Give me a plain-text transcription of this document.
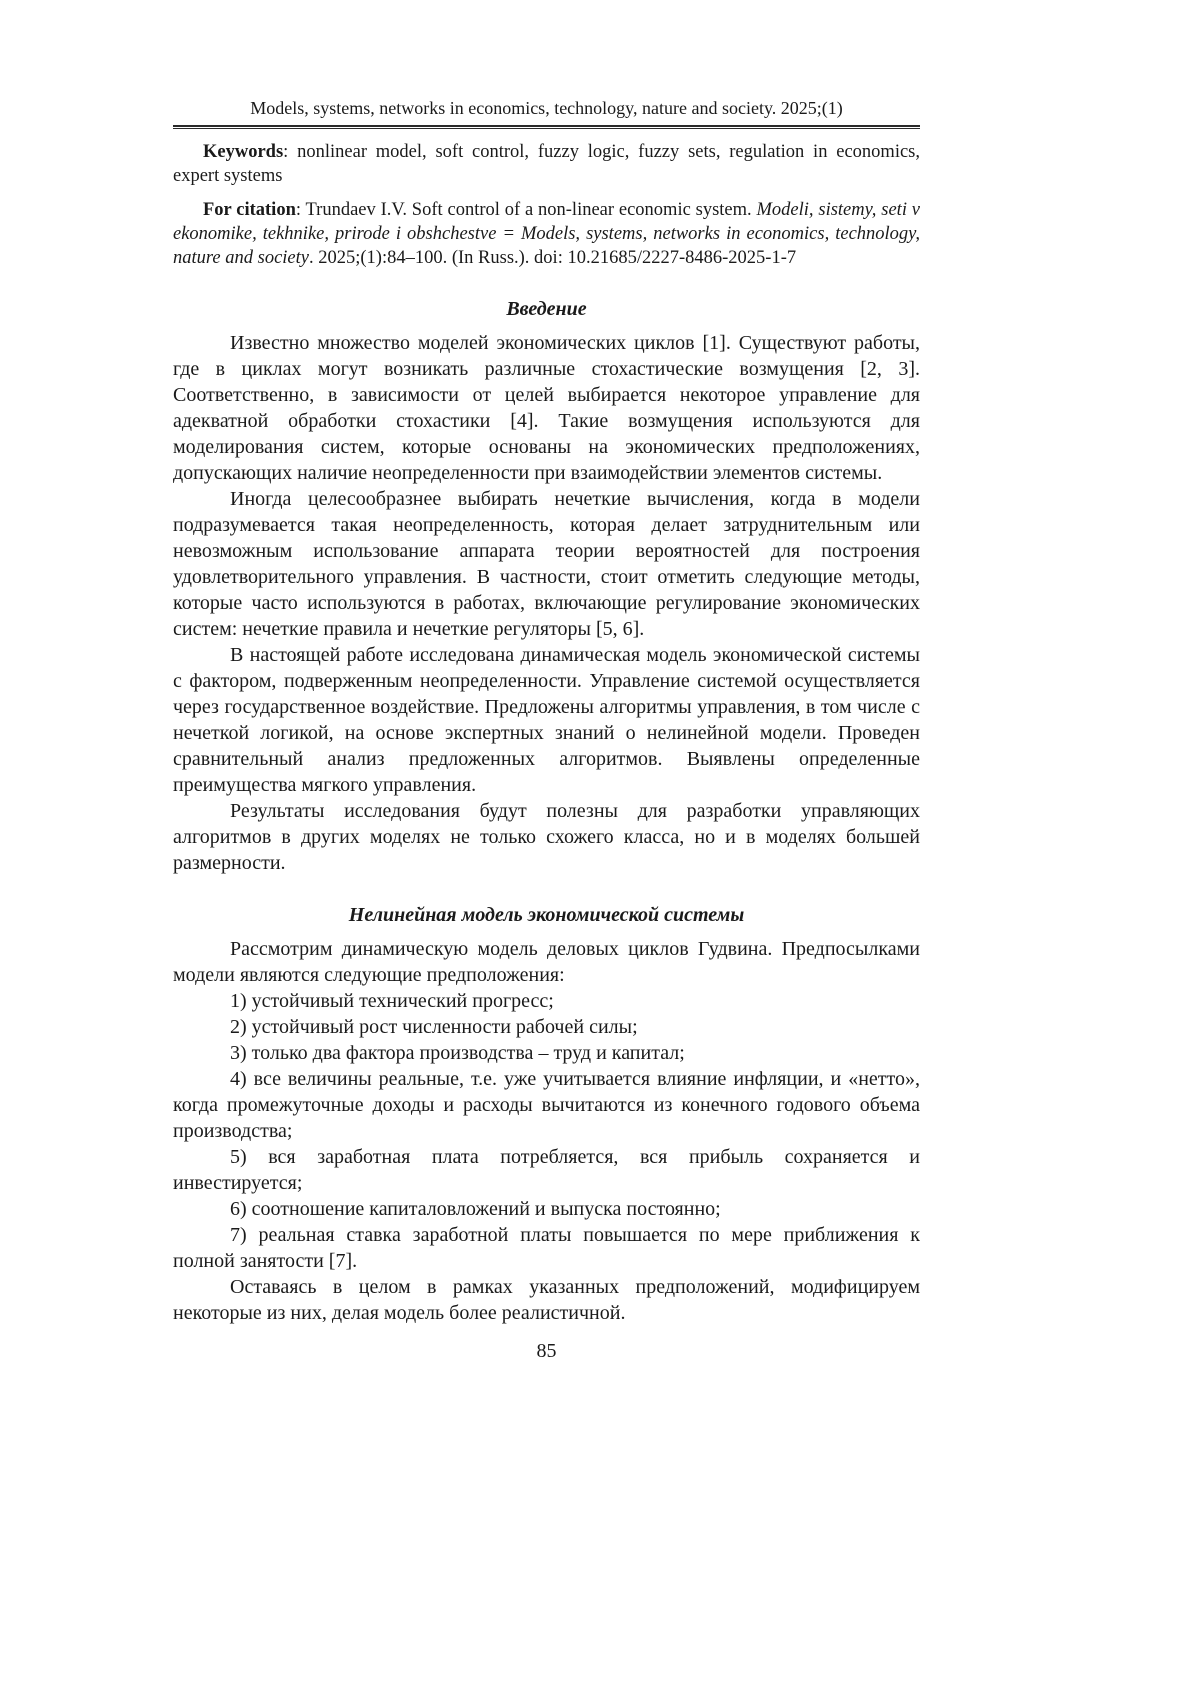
Models, systems, networks in economics, technology, nature and society. 2025;(1)

Keywords: nonlinear model, soft control, fuzzy logic, fuzzy sets, regulation in economics, expert systems

For citation: Trundaev I.V. Soft control of a non-linear economic system. Modeli, sistemy, seti v ekonomike, tekhnike, prirode i obshchestve = Models, systems, networks in economics, technology, nature and society. 2025;(1):84–100. (In Russ.). doi: 10.21685/2227-8486-2025-1-7

Введение

Известно множество моделей экономических циклов [1]. Существуют работы, где в циклах могут возникать различные стохастические возмущения [2, 3]. Соответственно, в зависимости от целей выбирается некоторое управление для адекватной обработки стохастики [4]. Такие возмущения используются для моделирования систем, которые основаны на экономических предположениях, допускающих наличие неопределенности при взаимодействии элементов системы.

Иногда целесообразнее выбирать нечеткие вычисления, когда в модели подразумевается такая неопределенность, которая делает затруднительным или невозможным использование аппарата теории вероятностей для построения удовлетворительного управления. В частности, стоит отметить следующие методы, которые часто используются в работах, включающие регулирование экономических систем: нечеткие правила и нечеткие регуляторы [5, 6].

В настоящей работе исследована динамическая модель экономической системы с фактором, подверженным неопределенности. Управление системой осуществляется через государственное воздействие. Предложены алгоритмы управления, в том числе с нечеткой логикой, на основе экспертных знаний о нелинейной модели. Проведен сравнительный анализ предложенных алгоритмов. Выявлены определенные преимущества мягкого управления.

Результаты исследования будут полезны для разработки управляющих алгоритмов в других моделях не только схожего класса, но и в моделях большей размерности.

Нелинейная модель экономической системы

Рассмотрим динамическую модель деловых циклов Гудвина. Предпосылками модели являются следующие предположения:

1) устойчивый технический прогресс;

2) устойчивый рост численности рабочей силы;

3) только два фактора производства – труд и капитал;

4) все величины реальные, т.е. уже учитывается влияние инфляции, и «нетто», когда промежуточные доходы и расходы вычитаются из конечного годового объема производства;

5) вся заработная плата потребляется, вся прибыль сохраняется и инвестируется;

6) соотношение капиталовложений и выпуска постоянно;

7) реальная ставка заработной платы повышается по мере приближения к полной занятости [7].

Оставаясь в целом в рамках указанных предположений, модифицируем некоторые из них, делая модель более реалистичной.

85
